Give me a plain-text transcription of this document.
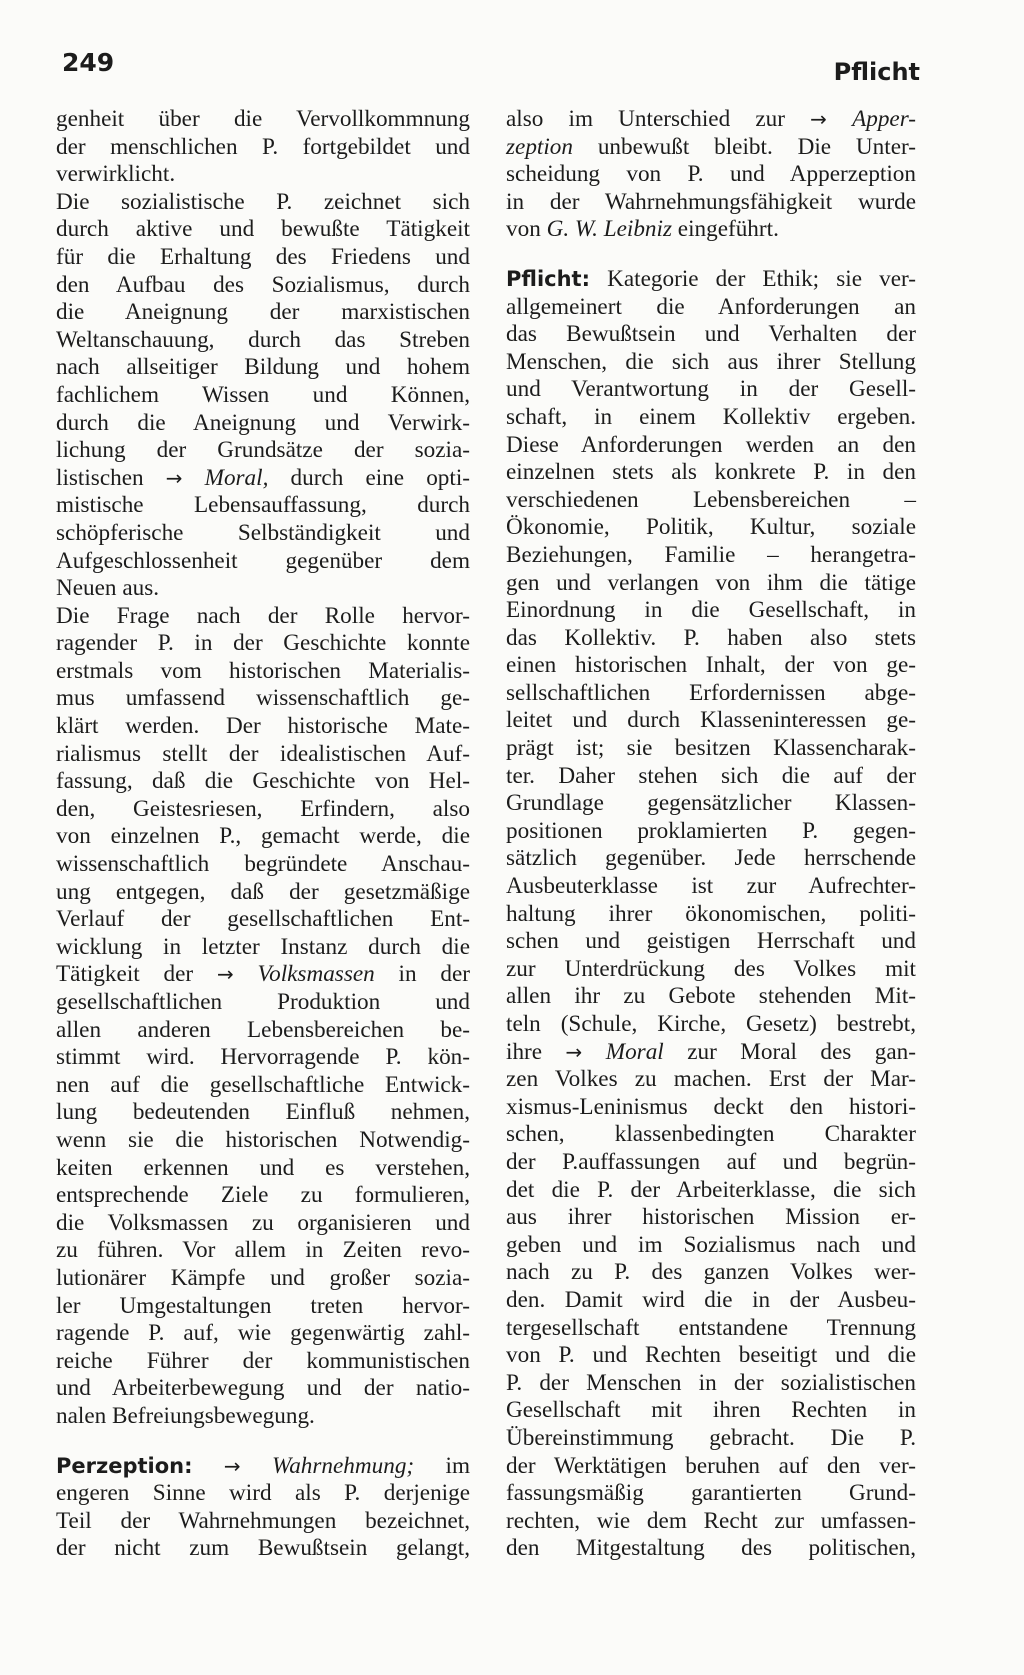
249	Pflicht
genheit über die Vervollkommnung
der menschlichen P. fortgebildet und
verwirklicht.
Die sozialistische P. zeichnet sich
durch aktive und bewußte Tätigkeit
für die Erhaltung des Friedens und
den Aufbau des Sozialismus, durch
die Aneignung der marxistischen
Weltanschauung, durch das Streben
nach allseitiger Bildung und hohem
fachlichem Wissen und Können,
durch die Aneignung und Verwirk-
lichung der Grundsätze der sozia-
listischen → Moral, durch eine opti-
mistische Lebensauffassung, durch
schöpferische Selbständigkeit und
Aufgeschlossenheit gegenüber dem
Neuen aus.
Die Frage nach der Rolle hervor-
ragender P. in der Geschichte konnte
erstmals vom historischen Materialis-
mus umfassend wissenschaftlich ge-
klärt werden. Der historische Mate-
rialismus stellt der idealistischen Auf-
fassung, daß die Geschichte von Hel-
den, Geistesriesen, Erfindern, also
von einzelnen P., gemacht werde, die
wissenschaftlich begründete Anschau-
ung entgegen, daß der gesetzmäßige
Verlauf der gesellschaftlichen Ent-
wicklung in letzter Instanz durch die
Tätigkeit der → Volksmassen in der
gesellschaftlichen Produktion und
allen anderen Lebensbereichen be-
stimmt wird. Hervorragende P. kön-
nen auf die gesellschaftliche Entwick-
lung bedeutenden Einfluß nehmen,
wenn sie die historischen Notwendig-
keiten erkennen und es verstehen,
entsprechende Ziele zu formulieren,
die Volksmassen zu organisieren und
zu führen. Vor allem in Zeiten revo-
lutionärer Kämpfe und großer sozia-
ler Umgestaltungen treten hervor-
ragende P. auf, wie gegenwärtig zahl-
reiche Führer der kommunistischen
und Arbeiterbewegung und der natio-
nalen Befreiungsbewegung.
Perzeption: → Wahrnehmung; im
engeren Sinne wird als P. derjenige
Teil der Wahrnehmungen bezeichnet,
der nicht zum Bewußtsein gelangt,
also im Unterschied zur → Apper-
zeption unbewußt bleibt. Die Unter-
scheidung von P. und Apperzeption
in der Wahrnehmungsfähigkeit wurde
von G. W. Leibniz eingeführt.
Pflicht: Kategorie der Ethik; sie ver-
allgemeinert die Anforderungen an
das Bewußtsein und Verhalten der
Menschen, die sich aus ihrer Stellung
und Verantwortung in der Gesell-
schaft, in einem Kollektiv ergeben.
Diese Anforderungen werden an den
einzelnen stets als konkrete P. in den
verschiedenen Lebensbereichen –
Ökonomie, Politik, Kultur, soziale
Beziehungen, Familie – herangetra-
gen und verlangen von ihm die tätige
Einordnung in die Gesellschaft, in
das Kollektiv. P. haben also stets
einen historischen Inhalt, der von ge-
sellschaftlichen Erfordernissen abge-
leitet und durch Klasseninteressen ge-
prägt ist; sie besitzen Klassencharak-
ter. Daher stehen sich die auf der
Grundlage gegensätzlicher Klassen-
positionen proklamierten P. gegen-
sätzlich gegenüber. Jede herrschende
Ausbeuterklasse ist zur Aufrechter-
haltung ihrer ökonomischen, politi-
schen und geistigen Herrschaft und
zur Unterdrückung des Volkes mit
allen ihr zu Gebote stehenden Mit-
teln (Schule, Kirche, Gesetz) bestrebt,
ihre → Moral zur Moral des gan-
zen Volkes zu machen. Erst der Mar-
xismus-Leninismus deckt den histori-
schen, klassenbedingten Charakter
der P.auffassungen auf und begrün-
det die P. der Arbeiterklasse, die sich
aus ihrer historischen Mission er-
geben und im Sozialismus nach und
nach zu P. des ganzen Volkes wer-
den. Damit wird die in der Ausbeu-
tergesellschaft entstandene Trennung
von P. und Rechten beseitigt und die
P. der Menschen in der sozialistischen
Gesellschaft mit ihren Rechten in
Übereinstimmung gebracht. Die P.
der Werktätigen beruhen auf den ver-
fassungsmäßig garantierten Grund-
rechten, wie dem Recht zur umfassen-
den Mitgestaltung des politischen,
